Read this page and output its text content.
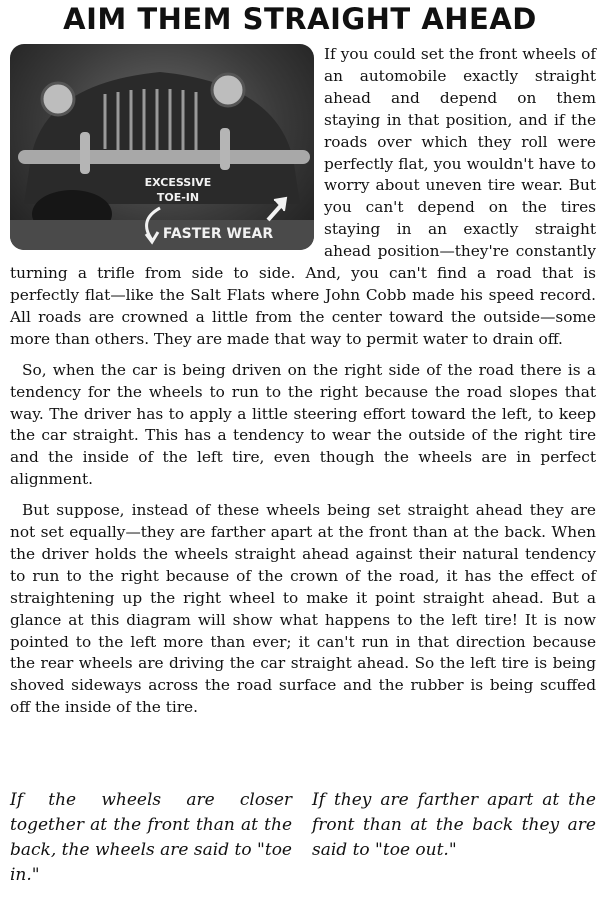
AIM THEM STRAIGHT AHEAD
EXCESSIVE
TOE-IN
FASTER WEAR

If you could set the front wheels of an automobile exactly straight ahead and depend on them staying in that position, and if the roads over which they roll were perfectly flat, you wouldn't have to worry about uneven tire wear. But you can't depend on the tires staying in an exactly straight ahead position—they're constantly turning a trifle from side to side. And, you can't find a road that is perfectly flat—like the Salt Flats where John Cobb made his speed record. All roads are crowned a little from the center toward the outside—some more than others. They are made that way to permit water to drain off.

So, when the car is being driven on the right side of the road there is a tendency for the wheels to run to the right because the road slopes that way. The driver has to apply a little steering effort toward the left, to keep the car straight. This has a tendency to wear the outside of the right tire and the inside of the left tire, even though the wheels are in perfect alignment.

But suppose, instead of these wheels being set straight ahead they are not set equally—they are farther apart at the front than at the back. When the driver holds the wheels straight ahead against their natural tendency to run to the right because of the crown of the road, it has the effect of straightening up the right wheel to make it point straight ahead. But a glance at this diagram will show what happens to the left tire! It is now pointed to the left more than ever; it can't run in that direction because the rear wheels are driving the car straight ahead. So the left tire is being shoved sideways across the road surface and the rubber is being scuffed off the inside of the tire.

If the wheels are closer together at the front than at the back, the wheels are said to "toe in."
If they are farther apart at the front than at the back they are said to "toe out."
